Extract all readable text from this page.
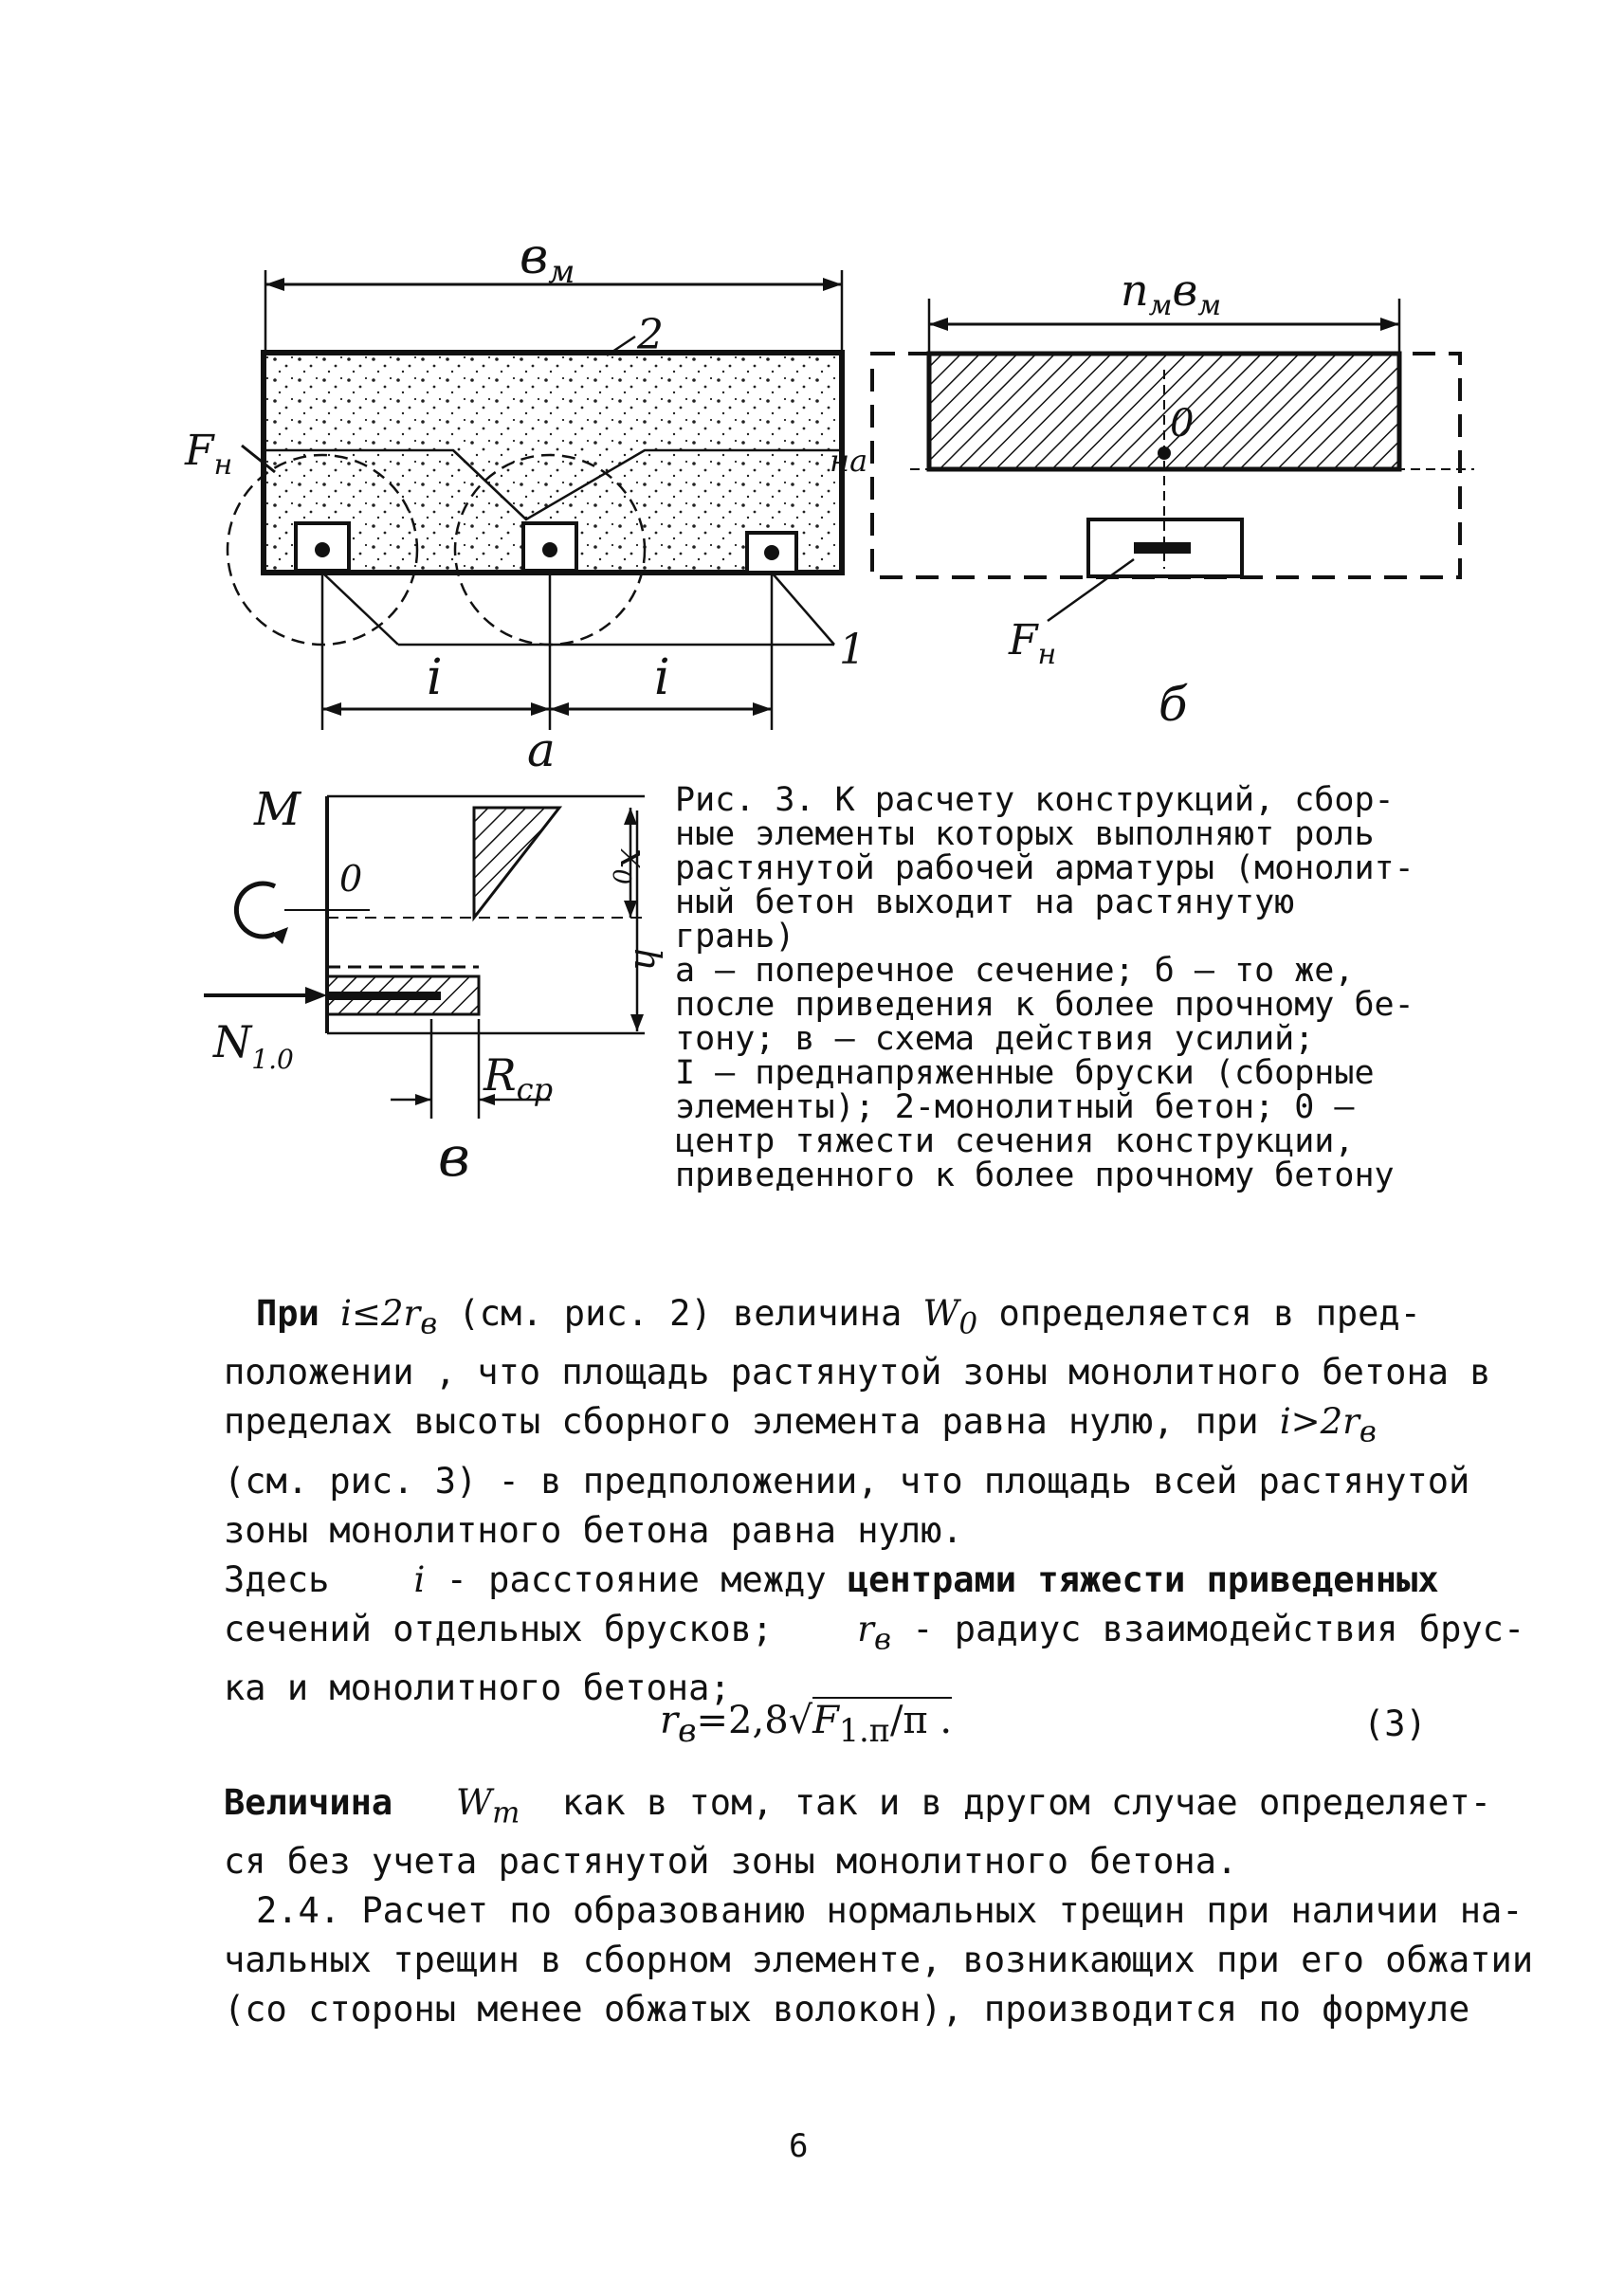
вм
2
1
$F_н$	на
i	i
а
$n_мв_м$
0
$F_н$
б
M
0
$N_{1.0}$
$x_0$
h
$R_{ср}$
в
Рис. 3. К расчету конструкций, сбор-
ные элементы которых выполняют роль
растянутой рабочей арматуры (монолит-
ный бетон выходит на растянутую
грань)
а – поперечное сечение; б – то же,
после приведения к более прочному бе-
тону; в – схема действия усилий;
I – преднапряженные бруски (сборные
элементы); 2-монолитный бетон; 0 –
центр тяжести сечения конструкции,
приведенного к более прочному бетону

При $i\le 2r_в$ (см. рис. 2) величина $W_0$ определяется в пред-

положении , что площадь растянутой зоны монолитного бетона в

пределах высоты сборного элемента равна нулю, при $i>2r_в$

(см. рис. 3) - в предположении, что площадь всей растянутой

зоны монолитного бетона равна нулю.

Здесь i - расстояние между центрами тяжести приведенных

сечений отдельных брусков; $r_в$ - радиус взаимодействия брус-

ка и монолитного бетона;

$r_в=2,8√F_{1.п}/\pi$ .	(3)

Величина $W_т$ как в том, так и в другом случае определяет-

ся без учета растянутой зоны монолитного бетона.

2.4. Расчет по образованию нормальных трещин при наличии на-

чальных трещин в сборном элементе, возникающих при его обжатии

(со стороны менее обжатых волокон), производится по формуле

6
